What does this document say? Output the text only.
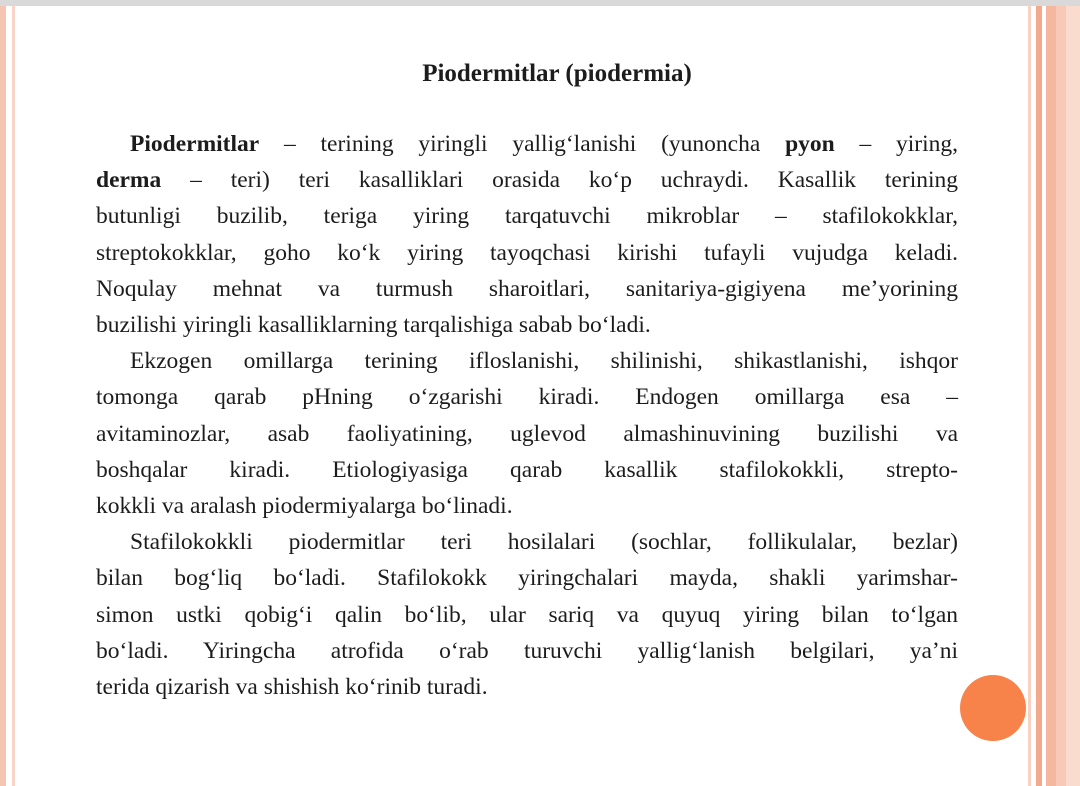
Piodermitlar (piodermia)
Piodermitlar – terining yiringli yallig‘lanishi (yunoncha pyon – yiring,
derma – teri) teri kasalliklari orasida ko‘p uchraydi. Kasallik terining
butunligi buzilib, teriga yiring tarqatuvchi mikroblar – stafilokokklar,
streptokokklar, goho ko‘k yiring tayoqchasi kirishi tufayli vujudga keladi.
Noqulay mehnat va turmush sharoitlari, sanitariya-gigiyena me’yorining
buzilishi yiringli kasalliklarning tarqalishiga sabab bo‘ladi.
Ekzogen omillarga terining ifloslanishi, shilinishi, shikastlanishi, ishqor
tomonga qarab pHning o‘zgarishi kiradi. Endogen omillarga esa –
avitaminozlar, asab faoliyatining, uglevod almashinuvining buzilishi va
boshqalar kiradi. Etiologiyasiga qarab kasallik stafilokokkli, strepto-
kokkli va aralash piodermiyalarga bo‘linadi.
Stafilokokkli piodermitlar teri hosilalari (sochlar, follikulalar, bezlar)
bilan bog‘liq bo‘ladi. Stafilokokk yiringchalari mayda, shakli yarimshar-
simon ustki qobig‘i qalin bo‘lib, ular sariq va quyuq yiring bilan to‘lgan
bo‘ladi. Yiringcha atrofida o‘rab turuvchi yallig‘lanish belgilari, ya’ni
terida qizarish va shishish ko‘rinib turadi.
